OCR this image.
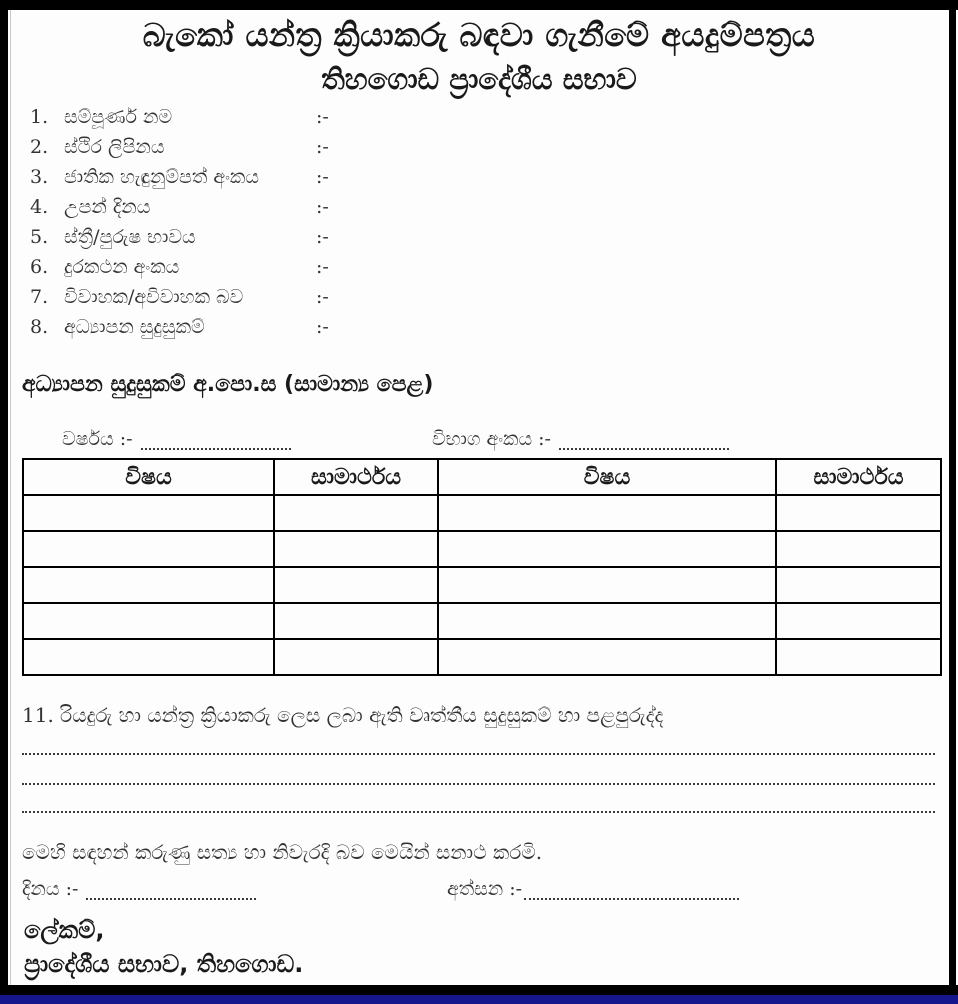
බැකෝ යන්ත්‍ර ක්‍රියාකරු බඳවා ගැනීමේ අයදුම්පත්‍රය
තිහගොඩ ප්‍රාදේශීය සභාව
1. සම්පූර්ණ නම	:-
2. ස්ථිර ලිපිනය	:-
3. ජාතික හැඳුනුම්පත් අංකය	:-
4. උපන් දිනය	:-
5. ස්ත්‍රී/පුරුෂ භාවය	:-
6. දුරකථන අංකය	:-
7. විවාහක/අවිවාහක බව	:-
8. අධ්‍යාපන සුදුසුකම්	:-
අධ්‍යාපන සුදුසුකම් අ.පො.ස (සාමාන්‍ය පෙළ)
වර්ෂය :-	විභාග අංකය :-
විෂය	සාමාර්ථය	විෂය	සාමාර්ථය

11. රියදුරු හා යන්ත්‍ර ක්‍රියාකරු ලෙස ලබා ඇති වෘත්තීය සුදුසුකම් හා පළපුරුද්ද
මෙහි සඳහන් කරුණු සත්‍ය හා නිවැරදි බව මෙයින් සනාථ කරමි.
දිනය :-	අත්සන :-
ලේකම්,
ප්‍රාදේශීය සභාව, තිහගොඩ.
